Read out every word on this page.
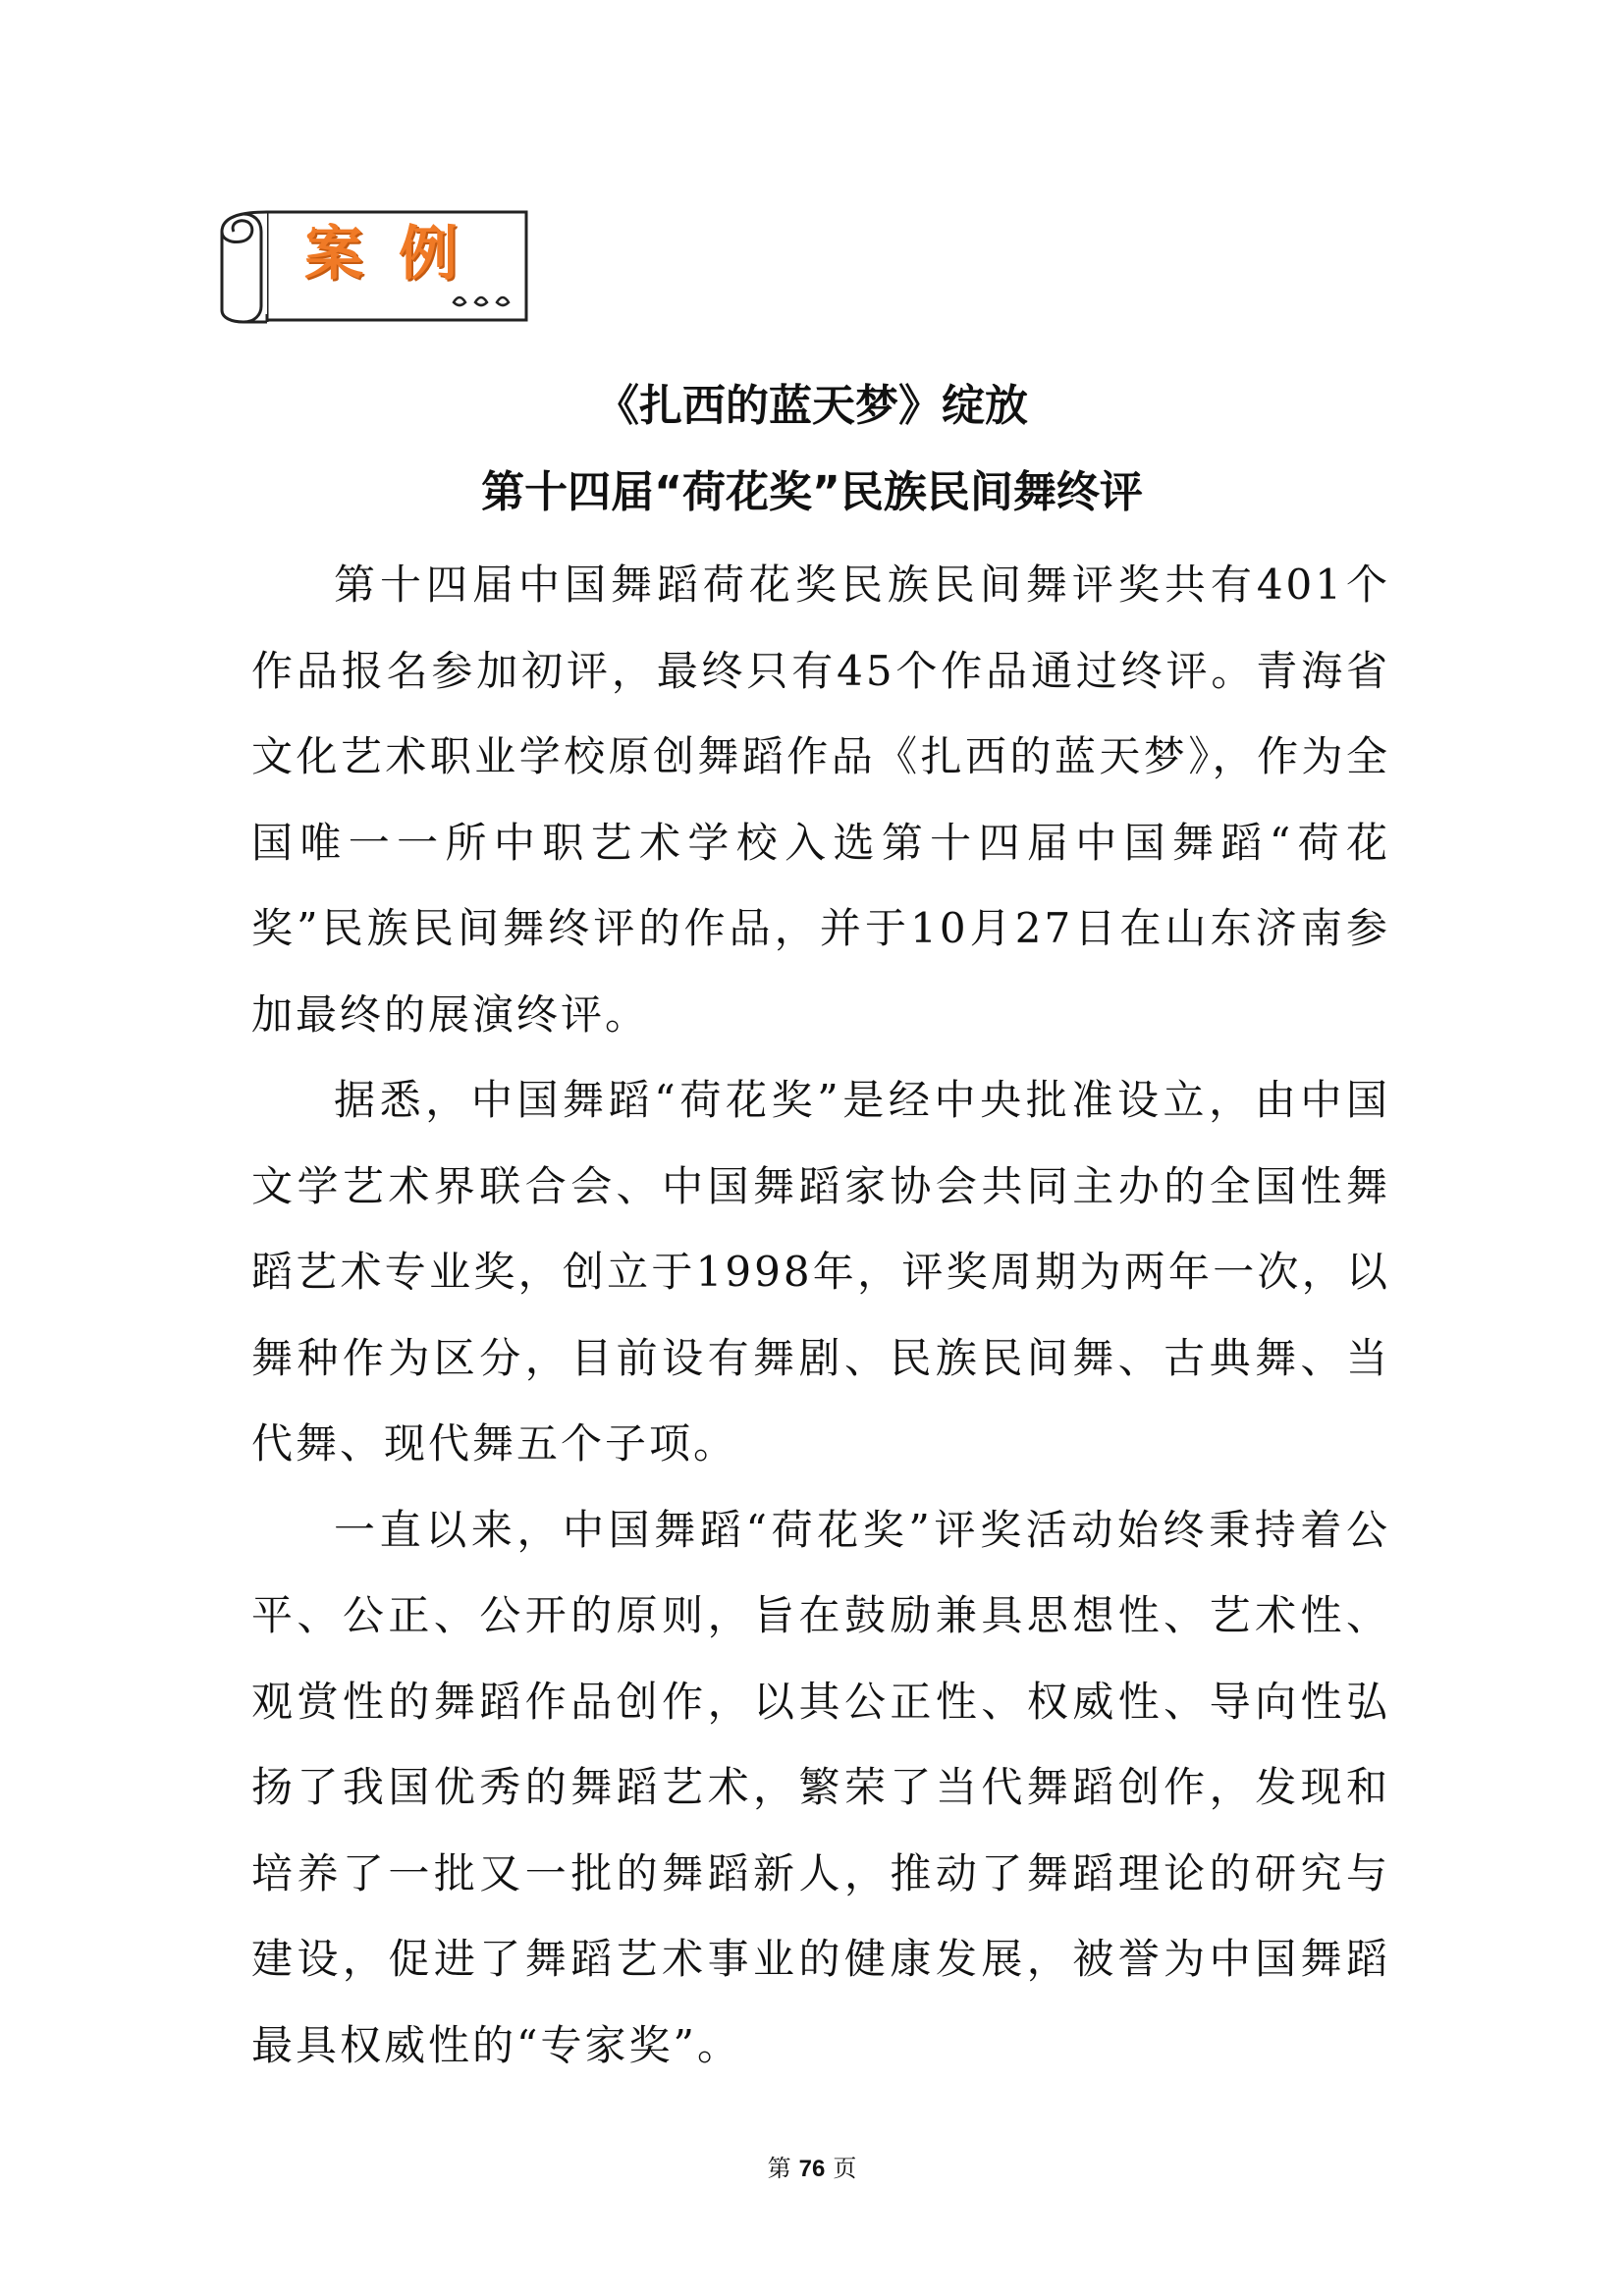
案例
《扎西的蓝天梦》绽放
第十四届“荷花奖”民族民间舞终评

第十四届中国舞蹈荷花奖民族民间舞评奖共有401个作品报名参加初评，最终只有45个作品通过终评。青海省文化艺术职业学校原创舞蹈作品《扎西的蓝天梦》，作为全国唯一一所中职艺术学校入选第十四届中国舞蹈“荷花奖”民族民间舞终评的作品，并于10月27日在山东济南参加最终的展演终评。

据悉，中国舞蹈“荷花奖”是经中央批准设立，由中国文学艺术界联合会、中国舞蹈家协会共同主办的全国性舞蹈艺术专业奖，创立于1998年，评奖周期为两年一次，以舞种作为区分，目前设有舞剧、民族民间舞、古典舞、当代舞、现代舞五个子项。

一直以来，中国舞蹈“荷花奖”评奖活动始终秉持着公平、公正、公开的原则，旨在鼓励兼具思想性、艺术性、观赏性的舞蹈作品创作，以其公正性、权威性、导向性弘扬了我国优秀的舞蹈艺术，繁荣了当代舞蹈创作，发现和培养了一批又一批的舞蹈新人，推动了舞蹈理论的研究与建设，促进了舞蹈艺术事业的健康发展，被誉为中国舞蹈最具权威性的“专家奖”。

第 76 页
